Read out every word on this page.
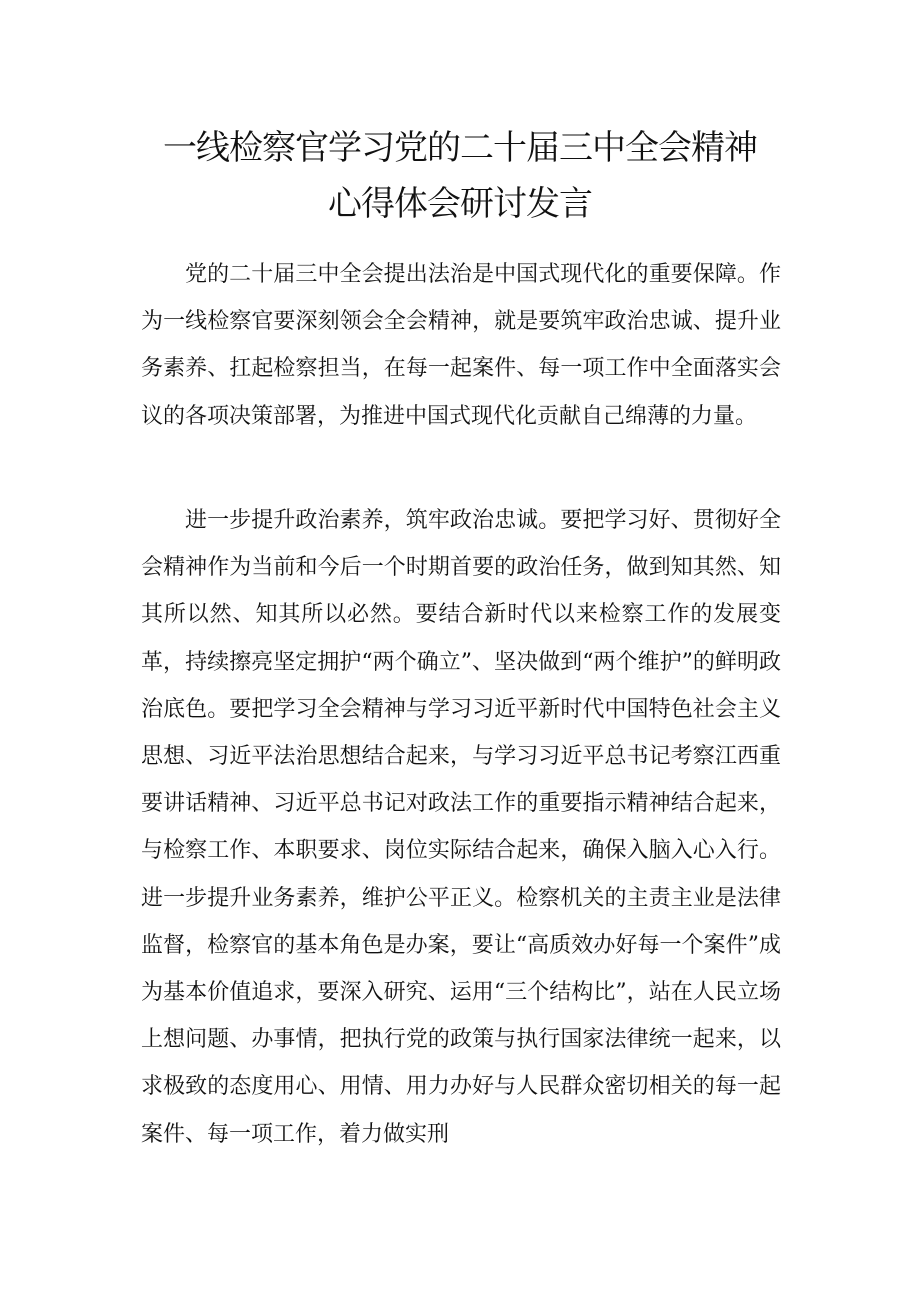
一线检察官学习党的二十届三中全会精神
心得体会研讨发言

党的二十届三中全会提出法治是中国式现代化的重要保障。作为一线检察官要深刻领会全会精神，就是要筑牢政治忠诚、提升业务素养、扛起检察担当，在每一起案件、每一项工作中全面落实会议的各项决策部署，为推进中国式现代化贡献自己绵薄的力量。

进一步提升政治素养，筑牢政治忠诚。要把学习好、贯彻好全会精神作为当前和今后一个时期首要的政治任务，做到知其然、知其所以然、知其所以必然。要结合新时代以来检察工作的发展变革，持续擦亮坚定拥护“两个确立”、坚决做到“两个维护”的鲜明政治底色。要把学习全会精神与学习习近平新时代中国特色社会主义思想、习近平法治思想结合起来，与学习习近平总书记考察江西重要讲话精神、习近平总书记对政法工作的重要指示精神结合起来，与检察工作、本职要求、岗位实际结合起来，确保入脑入心入行。进一步提升业务素养，维护公平正义。检察机关的主责主业是法律监督，检察官的基本角色是办案，要让“高质效办好每一个案件”成为基本价值追求，要深入研究、运用“三个结构比”，站在人民立场上想问题、办事情，把执行党的政策与执行国家法律统一起来，以求极致的态度用心、用情、用力办好与人民群众密切相关的每一起案件、每一项工作，着力做实刑
